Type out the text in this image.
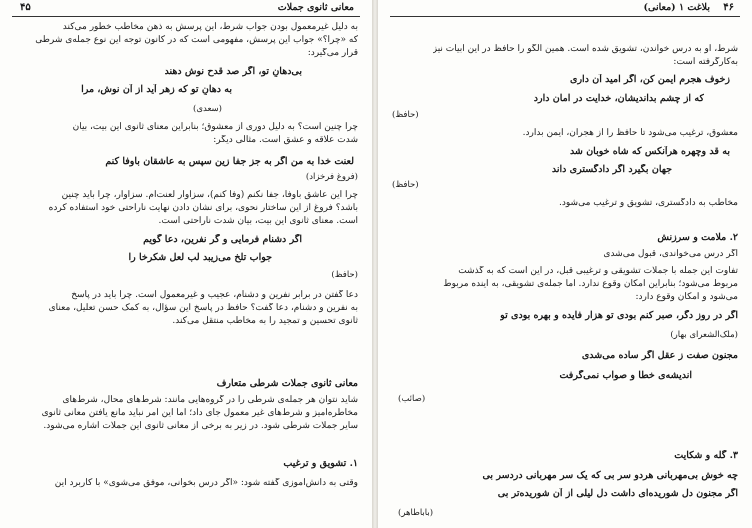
۴۵	معانی ثانوی جملات
به دلیل غیرمعمول بودن جواب شرط، این پرسش به ذهن مخاطب خطور می‌کند
که «چرا؟» جواب این پرسش، مفهومی است که در کانون توجه این نوع جمله‌ی شرطی
قرار می‌گیرد:
بی‌دهانِ تو، اگر صد قدح نوش دهند
به دهانِ تو که زهر آید از آن نوش، مرا
(سعدی)
چرا چنین است؟ به دلیل دوری از معشوق؛ بنابراین معنای ثانوی این بیت، بیان
شدت علاقه و عشق است. مثالی دیگر:
لعنت خدا به من اگر به جز جفا زین سپس به عاشقان باوفا کنم
(فروغ فرخزاد)
چرا این عاشق باوفا، جفا نکنم (وفا کنم)، سزاوار لعنت‌ام. سزاوار، چرا باید چنین
باشد؟ فروغ از این ساختار نحوی، برای نشان دادن نهایت ناراحتی خود استفاده کرده
است. معنای ثانوی این بیت، بیان شدت ناراحتی است.
اگر دشنام فرمایی و گر نفرین، دعا گویم
جواب تلخ می‌زیبد لب لعل شکرخا را
(حافظ)
دعا گفتن در برابر نفرین و دشنام، عجیب و غیرمعمول است. چرا باید در پاسخ
به نفرین و دشنام، دعا گفت؟ حافظ در پاسخ این سؤال، به کمک حسن تعلیل، معنای
ثانوی تحسین و تمجید را به مخاطب منتقل می‌کند.
معانی ثانوی جملات شرطی متعارف
شاید نتوان هر جمله‌ی شرطی را در گروه‌هایی مانند: شرط‌های محال، شرط‌های
مخاطره‌آمیز و شرط‌های غیر معمول جای داد؛ اما این امر نباید مانع یافتن معانی ثانوی
سایر جملات شرطی شود. در زیر به برخی از معانی ثانوی این جملات اشاره می‌شود.
۱. تشویق و ترغیب
وقتی به دانش‌آموزی گفته شود: «اگر درس بخوانی، موفق می‌شوی» با کاربرد این
۴۶
بلاغت ۱ (معانی)
شرط، او به درس خواندن، تشویق شده است. همین الگو را حافظ در این ابیات نیز
به‌کارگرفته است:
زخوف هجرم ایمن کن، اگر امید آن داری
که از چشم بداندیشان، خدایت در امان دارد
(حافظ)
معشوق، ترغیب می‌شود تا حافظ را از هجران، ایمن بدارد.
به قد وچهره هرآنکس که شاه خوبان شد
جهان بگیرد اگر دادگستری داند
(حافظ)
مخاطب به دادگستری، تشویق و ترغیب می‌شود.
۲. ملامت و سرزنش
اگر درس می‌خواندی، قبول می‌شدی
تفاوت این جمله با جملات تشویقی و ترغیبی قبل، در این است که به گذشت
مربوط می‌شود؛ بنابراین امکان وقوع ندارد. اما جمله‌ی تشویقی، به آینده مربوط
می‌شود و امکان وقوع دارد:
اگر در روز دگر، صبر کنم بودی تو هزار فایده و بهره بودی تو
(ملک‌الشعرای بهار)
مجنون صفت ز عقل اگر ساده می‌شدی
اندیشه‌ی خطا و صواب نمی‌گرفت
(صائب)
۳. گله و شکایت
چه خوش بی‌مهربانی هردو سر بی که یک سر مهربانی دردسر بی
اگر مجنون دل شوریده‌ای داشت دل لیلی از آن شوریده‌تر بی
(باباطاهر)
